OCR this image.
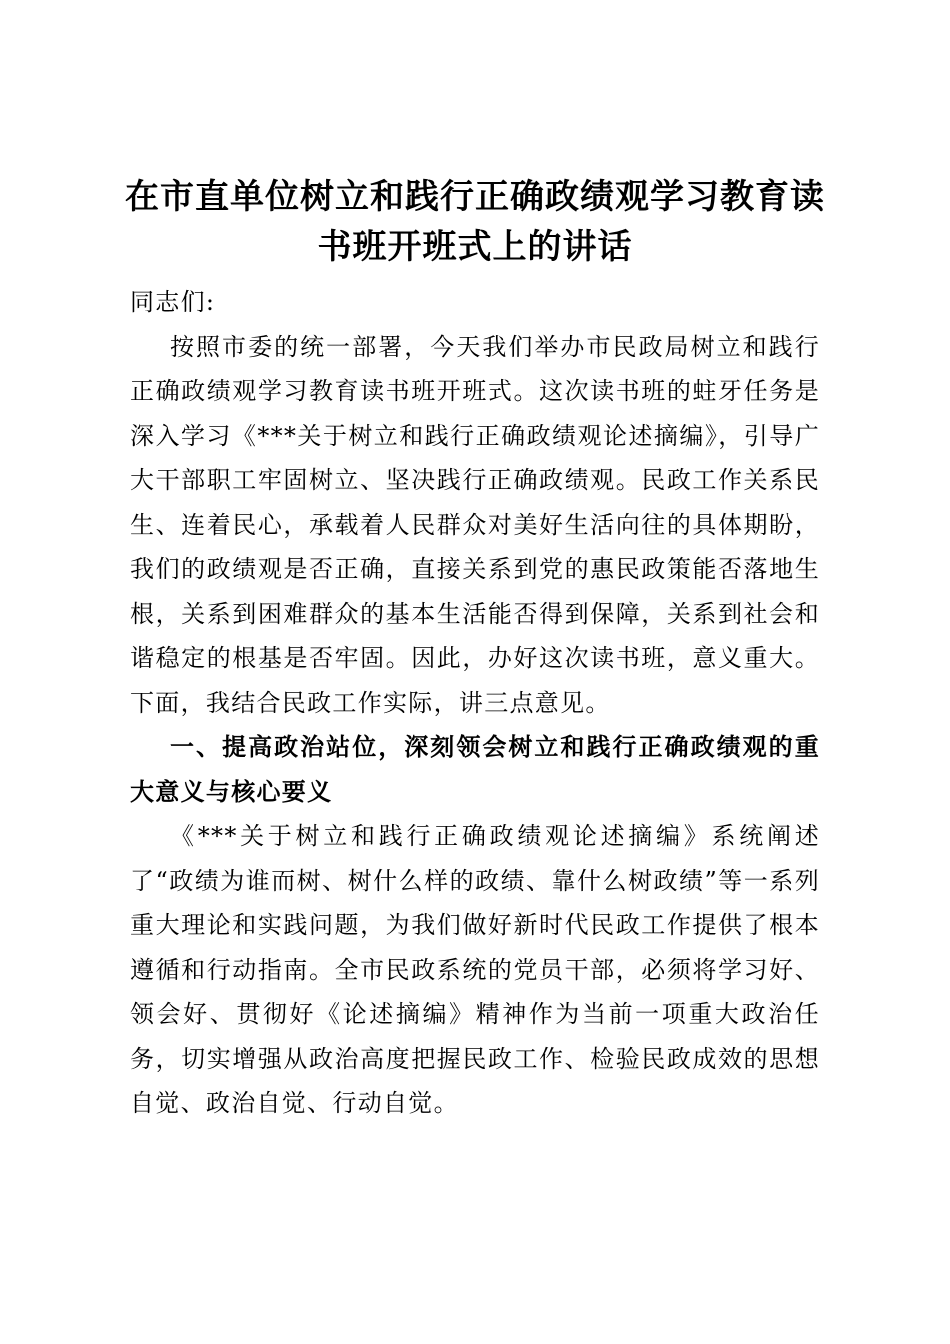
在市直单位树立和践行正确政绩观学习教育读
书班开班式上的讲话

同志们:

按照市委的统一部署，今天我们举办市民政局树立和践行正确政绩观学习教育读书班开班式。这次读书班的蛀牙任务是深入学习《***关于树立和践行正确政绩观论述摘编》，引导广大干部职工牢固树立、坚决践行正确政绩观。民政工作关系民生、连着民心，承载着人民群众对美好生活向往的具体期盼，我们的政绩观是否正确，直接关系到党的惠民政策能否落地生根，关系到困难群众的基本生活能否得到保障，关系到社会和谐稳定的根基是否牢固。因此，办好这次读书班，意义重大。下面，我结合民政工作实际，讲三点意见。

一、提高政治站位，深刻领会树立和践行正确政绩观的重大意义与核心要义

《***关于树立和践行正确政绩观论述摘编》系统阐述了“政绩为谁而树、树什么样的政绩、靠什么树政绩”等一系列重大理论和实践问题，为我们做好新时代民政工作提供了根本遵循和行动指南。全市民政系统的党员干部，必须将学习好、领会好、贯彻好《论述摘编》精神作为当前一项重大政治任务，切实增强从政治高度把握民政工作、检验民政成效的思想自觉、政治自觉、行动自觉。
